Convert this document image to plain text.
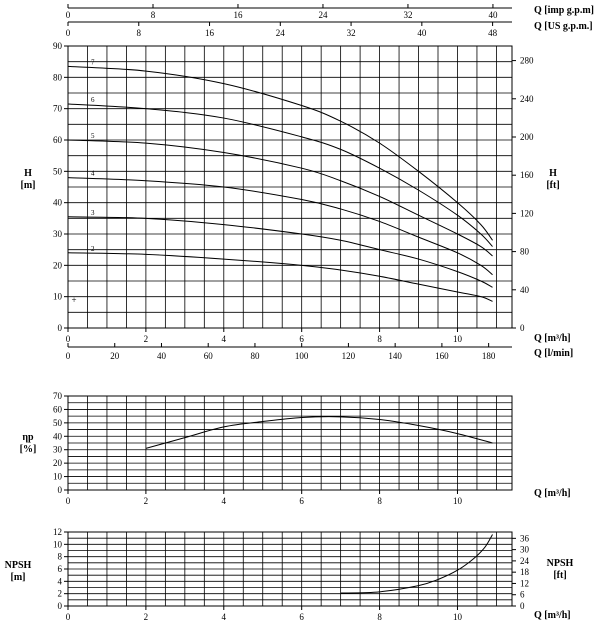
0	8	16	24	32	40	Q [imp g.p.m]
0	8	16	24	32	40	48
Q [US g.p.m.]
0
10
20
30
40
50
60
70
80
90
0	2	4	6	8	10
0
40
80
120
160
200
240
280
7
6
5
4
3
2
H [m]
H [ft]
+
0	20	40	60	80	100	120	140	160	180
Q [m³/h]
Q [l/min]
0
10
20
30
40
50
60
70
0	2	4	6	8	10
ηp [%]
Q [m³/h]
0
2
4
6
8
10
12
0	2	4	6	8	10
0
6
12
18
24
30
36
NPSH [m]
NPSH [ft]
Q [m³/h]
